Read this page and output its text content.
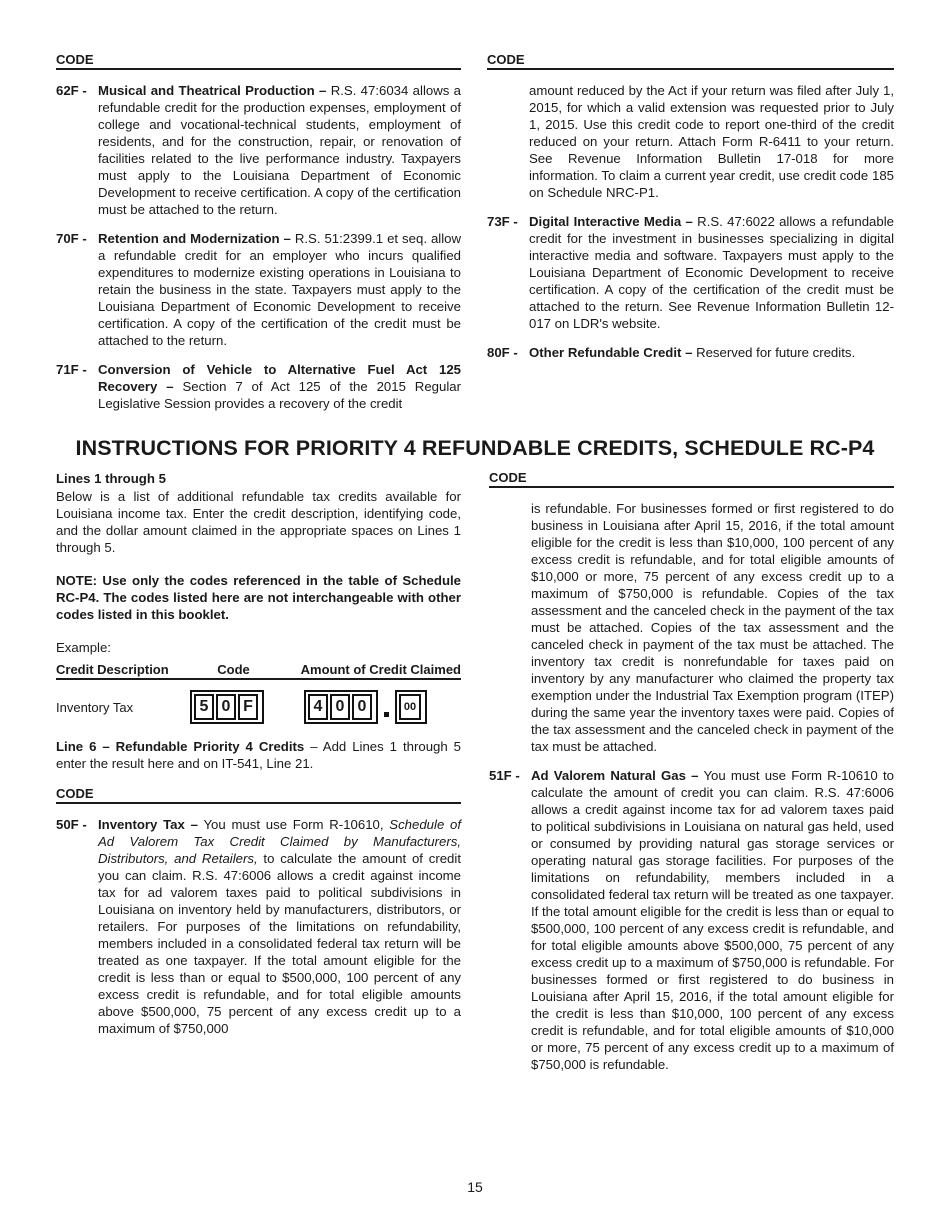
CODE
62F - Musical and Theatrical Production – R.S. 47:6034 allows a refundable credit for the production expenses, employment of college and vocational-technical students, employment of residents, and for the construction, repair, or renovation of facilities related to the live performance industry. Taxpayers must apply to the Louisiana Department of Economic Development to receive certification. A copy of the certification must be attached to the return.
70F - Retention and Modernization – R.S. 51:2399.1 et seq. allow a refundable credit for an employer who incurs qualified expenditures to modernize existing operations in Louisiana to retain the business in the state. Taxpayers must apply to the Louisiana Department of Economic Development to receive certification. A copy of the certification of the credit must be attached to the return.
71F - Conversion of Vehicle to Alternative Fuel Act 125 Recovery – Section 7 of Act 125 of the 2015 Regular Legislative Session provides a recovery of the credit
CODE
amount reduced by the Act if your return was filed after July 1, 2015, for which a valid extension was requested prior to July 1, 2015. Use this credit code to report one-third of the credit reduced on your return. Attach Form R-6411 to your return. See Revenue Information Bulletin 17-018 for more information. To claim a current year credit, use credit code 185 on Schedule NRC-P1.
73F - Digital Interactive Media – R.S. 47:6022 allows a refundable credit for the investment in businesses specializing in digital interactive media and software. Taxpayers must apply to the Louisiana Department of Economic Development to receive certification. A copy of the certification of the credit must be attached to the return. See Revenue Information Bulletin 12-017 on LDR's website.
80F - Other Refundable Credit – Reserved for future credits.
INSTRUCTIONS FOR PRIORITY 4 REFUNDABLE CREDITS, SCHEDULE RC-P4
Lines 1 through 5

Below is a list of additional refundable tax credits available for Louisiana income tax. Enter the credit description, identifying code, and the dollar amount claimed in the appropriate spaces on Lines 1 through 5.

NOTE: Use only the codes referenced in the table of Schedule RC-P4. The codes listed here are not interchangeable with other codes listed in this booklet.

Example:
Credit Description	Code	Amount of Credit Claimed
Inventory Tax	5 0 F	4 0 0	00

Line 6 – Refundable Priority 4 Credits – Add Lines 1 through 5 enter the result here and on IT-541, Line 21.

CODE
50F - Inventory Tax – You must use Form R-10610, Schedule of Ad Valorem Tax Credit Claimed by Manufacturers, Distributors, and Retailers, to calculate the amount of credit you can claim. R.S. 47:6006 allows a credit against income tax for ad valorem taxes paid to political subdivisions in Louisiana on inventory held by manufacturers, distributors, or retailers. For purposes of the limitations on refundability, members included in a consolidated federal tax return will be treated as one taxpayer. If the total amount eligible for the credit is less than or equal to $500,000, 100 percent of any excess credit is refundable, and for total eligible amounts above $500,000, 75 percent of any excess credit up to a maximum of $750,000
CODE
is refundable. For businesses formed or first registered to do business in Louisiana after April 15, 2016, if the total amount eligible for the credit is less than $10,000, 100 percent of any excess credit is refundable, and for total eligible amounts of $10,000 or more, 75 percent of any excess credit up to a maximum of $750,000 is refundable. Copies of the tax assessment and the canceled check in the payment of the tax must be attached. Copies of the tax assessment and the canceled check in payment of the tax must be attached. The inventory tax credit is nonrefundable for taxes paid on inventory by any manufacturer who claimed the property tax exemption under the Industrial Tax Exemption program (ITEP) during the same year the inventory taxes were paid. Copies of the tax assessment and the canceled check in payment of the tax must be attached.
51F - Ad Valorem Natural Gas – You must use Form R-10610 to calculate the amount of credit you can claim. R.S. 47:6006 allows a credit against income tax for ad valorem taxes paid to political subdivisions in Louisiana on natural gas held, used or consumed by providing natural gas storage services or operating natural gas storage facilities. For purposes of the limitations on refundability, members included in a consolidated federal tax return will be treated as one taxpayer. If the total amount eligible for the credit is less than or equal to $500,000, 100 percent of any excess credit is refundable, and for total eligible amounts above $500,000, 75 percent of any excess credit up to a maximum of $750,000 is refundable. For businesses formed or first registered to do business in Louisiana after April 15, 2016, if the total amount eligible for the credit is less than $10,000, 100 percent of any excess credit is refundable, and for total eligible amounts of $10,000 or more, 75 percent of any excess credit up to a maximum of $750,000 is refundable.
15
